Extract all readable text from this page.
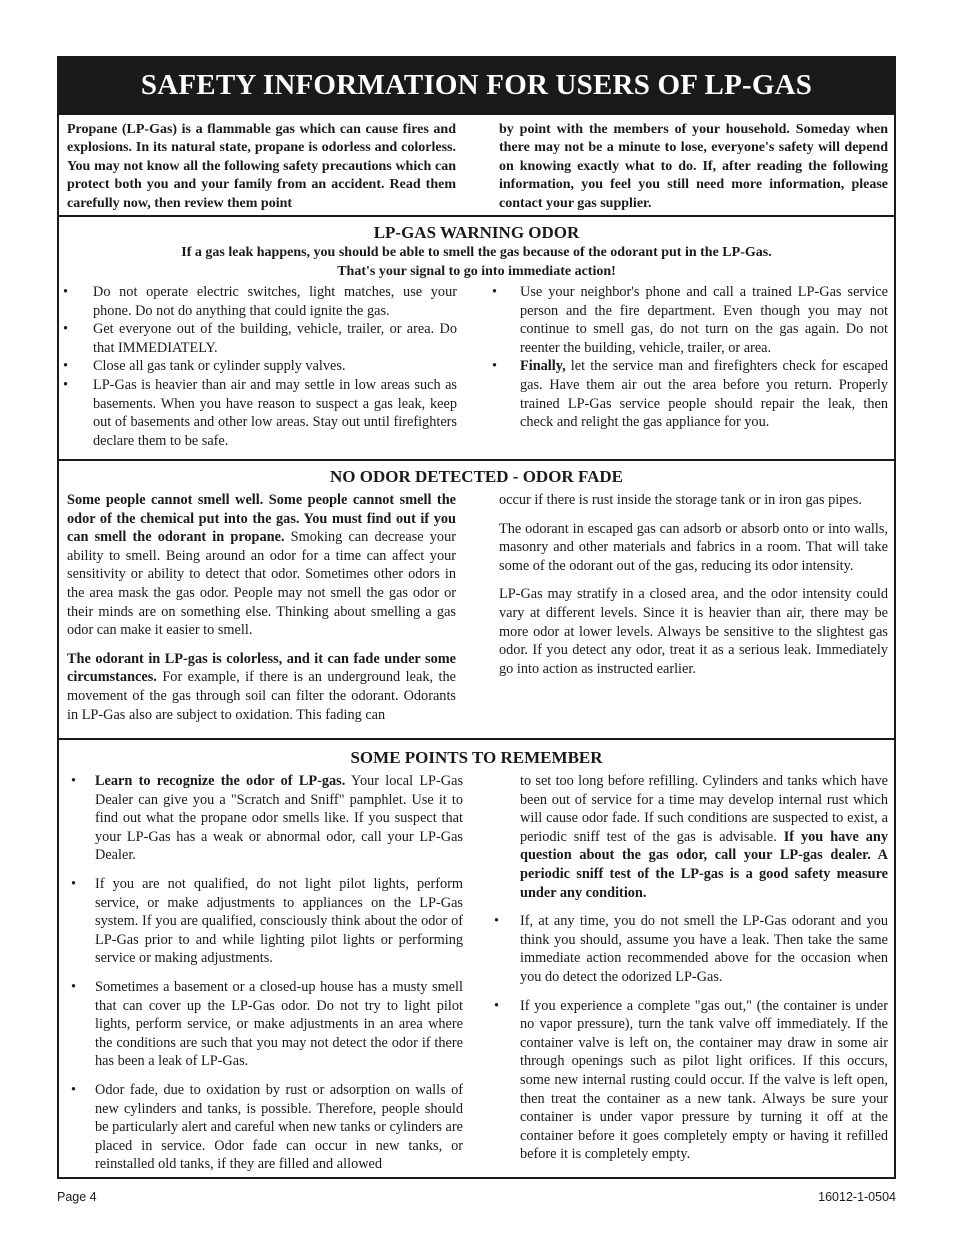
SAFETY INFORMATION FOR USERS OF LP-GAS
Propane (LP-Gas) is a flammable gas which can cause fires and explosions. In its natural state, propane is odorless and colorless. You may not know all the following safety precautions which can protect both you and your family from an accident. Read them carefully now, then review them point
by point with the members of your household. Someday when there may not be a minute to lose, everyone's safety will depend on knowing exactly what to do. If, after reading the following information, you feel you still need more information, please contact your gas supplier.

LP-GAS WARNING ODOR

If a gas leak happens, you should be able to smell the gas because of the odorant put in the LP-Gas.
That's your signal to go into immediate action!
• Do not operate electric switches, light matches, use your phone. Do not do anything that could ignite the gas.
• Get everyone out of the building, vehicle, trailer, or area. Do that IMMEDIATELY.
• Close all gas tank or cylinder supply valves.
• LP-Gas is heavier than air and may settle in low areas such as basements. When you have reason to suspect a gas leak, keep out of basements and other low areas. Stay out until firefighters declare them to be safe.
• Use your neighbor's phone and call a trained LP-Gas service person and the fire department. Even though you may not continue to smell gas, do not turn on the gas again. Do not reenter the building, vehicle, trailer, or area.
• Finally, let the service man and firefighters check for escaped gas. Have them air out the area before you return. Properly trained LP-Gas service people should repair the leak, then check and relight the gas appliance for you.

NO ODOR DETECTED - ODOR FADE

Some people cannot smell well. Some people cannot smell the odor of the chemical put into the gas. You must find out if you can smell the odorant in propane. Smoking can decrease your ability to smell. Being around an odor for a time can affect your sensitivity or ability to detect that odor. Sometimes other odors in the area mask the gas odor. People may not smell the gas odor or their minds are on something else. Thinking about smelling a gas odor can make it easier to smell.

The odorant in LP-gas is colorless, and it can fade under some circumstances. For example, if there is an underground leak, the movement of the gas through soil can filter the odorant. Odorants in LP-Gas also are subject to oxidation. This fading can

occur if there is rust inside the storage tank or in iron gas pipes.

The odorant in escaped gas can adsorb or absorb onto or into walls, masonry and other materials and fabrics in a room. That will take some of the odorant out of the gas, reducing its odor intensity.

LP-Gas may stratify in a closed area, and the odor intensity could vary at different levels. Since it is heavier than air, there may be more odor at lower levels. Always be sensitive to the slightest gas odor. If you detect any odor, treat it as a serious leak. Immediately go into action as instructed earlier.

SOME POINTS TO REMEMBER

• Learn to recognize the odor of LP-gas. Your local LP-Gas Dealer can give you a "Scratch and Sniff" pamphlet. Use it to find out what the propane odor smells like. If you suspect that your LP-Gas has a weak or abnormal odor, call your LP-Gas Dealer.
• If you are not qualified, do not light pilot lights, perform service, or make adjustments to appliances on the LP-Gas system. If you are qualified, consciously think about the odor of LP-Gas prior to and while lighting pilot lights or performing service or making adjustments.
• Sometimes a basement or a closed-up house has a musty smell that can cover up the LP-Gas odor. Do not try to light pilot lights, perform service, or make adjustments in an area where the conditions are such that you may not detect the odor if there has been a leak of LP-Gas.
• Odor fade, due to oxidation by rust or adsorption on walls of new cylinders and tanks, is possible. Therefore, people should be particularly alert and careful when new tanks or cylinders are placed in service. Odor fade can occur in new tanks, or reinstalled old tanks, if they are filled and allowed
to set too long before refilling. Cylinders and tanks which have been out of service for a time may develop internal rust which will cause odor fade. If such conditions are suspected to exist, a periodic sniff test of the gas is advisable. If you have any question about the gas odor, call your LP-gas dealer. A periodic sniff test of the LP-gas is a good safety measure under any condition.
• If, at any time, you do not smell the LP-Gas odorant and you think you should, assume you have a leak. Then take the same immediate action recommended above for the occasion when you do detect the odorized LP-Gas.
• If you experience a complete "gas out," (the container is under no vapor pressure), turn the tank valve off immediately. If the container valve is left on, the container may draw in some air through openings such as pilot light orifices. If this occurs, some new internal rusting could occur. If the valve is left open, then treat the container as a new tank. Always be sure your container is under vapor pressure by turning it off at the container before it goes completely empty or having it refilled before it is completely empty.
Page 4	16012-1-0504
